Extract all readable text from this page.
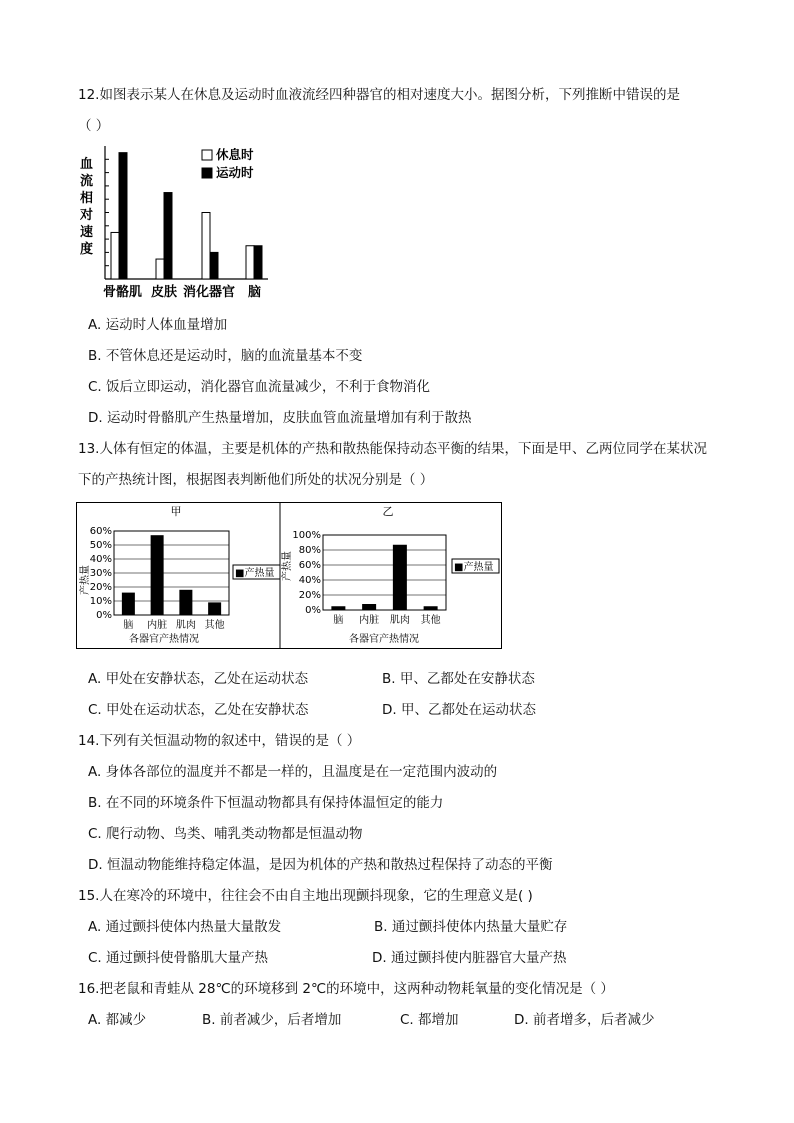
12.如图表示某人在休息及运动时血液流经四种器官的相对速度大小。据图分析，下列推断中错误的是
（ ）
血
流
相
对
速
度
骨骼肌 皮肤 消化器官 脑
休息时
运动时
A. 运动时人体血量增加
B. 不管休息还是运动时，脑的血流量基本不变
C. 饭后立即运动，消化器官血流量减少，不利于食物消化
D. 运动时骨骼肌产生热量增加，皮肤血管血流量增加有利于散热
13.人体有恒定的体温，主要是机体的产热和散热能保持动态平衡的结果，下面是甲、乙两位同学在某状况
下的产热统计图，根据图表判断他们所处的状况分别是（ ）
甲
产热量
60%
50%
40%
30%
20%
10%
0%
脑 内脏 肌肉 其他
各器官产热情况
■产热量
乙
产热量
100%
80%
60%
40%
20%
0%
脑 内脏 肌肉 其他
各器官产热情况
■产热量
A. 甲处在安静状态，乙处在运动状态	B. 甲、乙都处在安静状态
C. 甲处在运动状态，乙处在安静状态	D. 甲、乙都处在运动状态
14.下列有关恒温动物的叙述中，错误的是（ ）
A. 身体各部位的温度并不都是一样的，且温度是在一定范围内波动的
B. 在不同的环境条件下恒温动物都具有保持体温恒定的能力
C. 爬行动物、鸟类、哺乳类动物都是恒温动物
D. 恒温动物能维持稳定体温，是因为机体的产热和散热过程保持了动态的平衡
15.人在寒冷的环境中，往往会不由自主地出现颤抖现象，它的生理意义是( )
A. 通过颤抖使体内热量大量散发	B. 通过颤抖使体内热量大量贮存
C. 通过颤抖使骨骼肌大量产热	D. 通过颤抖使内脏器官大量产热
16.把老鼠和青蛙从 28℃的环境移到 2℃的环境中，这两种动物耗氧量的变化情况是（ ）
A. 都减少	B. 前者减少，后者增加	C. 都增加	D. 前者增多，后者减少
